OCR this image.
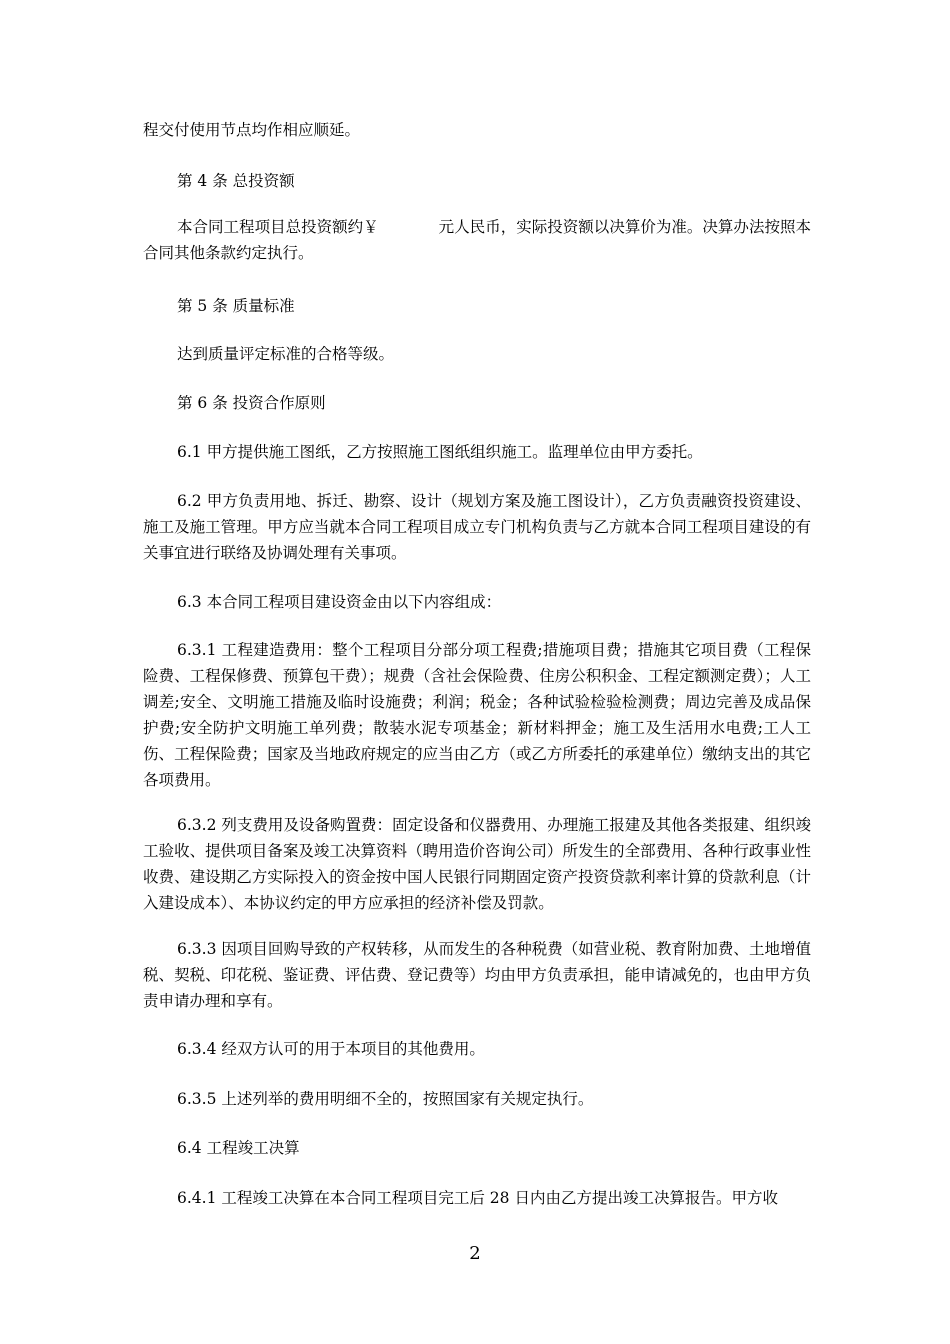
程交付使用节点均作相应顺延。

第 4 条 总投资额

本合同工程项目总投资额约￥	元人民币，实际投资额以决算价为准。决算办法按照本合同其他条款约定执行。

第 5 条 质量标准

达到质量评定标准的合格等级。

第 6 条 投资合作原则

6.1 甲方提供施工图纸，乙方按照施工图纸组织施工。监理单位由甲方委托。

6.2 甲方负责用地、拆迁、勘察、设计（规划方案及施工图设计），乙方负责融资投资建设、施工及施工管理。甲方应当就本合同工程项目成立专门机构负责与乙方就本合同工程项目建设的有关事宜进行联络及协调处理有关事项。

6.3 本合同工程项目建设资金由以下内容组成：

6.3.1 工程建造费用：整个工程项目分部分项工程费;措施项目费；措施其它项目费（工程保险费、工程保修费、预算包干费）；规费（含社会保险费、住房公积积金、工程定额测定费）；人工调差;安全、文明施工措施及临时设施费；利润；税金；各种试验检验检测费；周边完善及成品保护费;安全防护文明施工单列费；散装水泥专项基金；新材料押金；施工及生活用水电费;工人工伤、工程保险费；国家及当地政府规定的应当由乙方（或乙方所委托的承建单位）缴纳支出的其它各项费用。

6.3.2 列支费用及设备购置费：固定设备和仪器费用、办理施工报建及其他各类报建、组织竣工验收、提供项目备案及竣工决算资料（聘用造价咨询公司）所发生的全部费用、各种行政事业性收费、建设期乙方实际投入的资金按中国人民银行同期固定资产投资贷款利率计算的贷款利息（计入建设成本）、本协议约定的甲方应承担的经济补偿及罚款。

6.3.3 因项目回购导致的产权转移，从而发生的各种税费（如营业税、教育附加费、土地增值税、契税、印花税、鉴证费、评估费、登记费等）均由甲方负责承担，能申请减免的，也由甲方负责申请办理和享有。

6.3.4 经双方认可的用于本项目的其他费用。

6.3.5 上述列举的费用明细不全的，按照国家有关规定执行。

6.4 工程竣工决算

6.4.1 工程竣工决算在本合同工程项目完工后 28 日内由乙方提出竣工决算报告。甲方收

2
